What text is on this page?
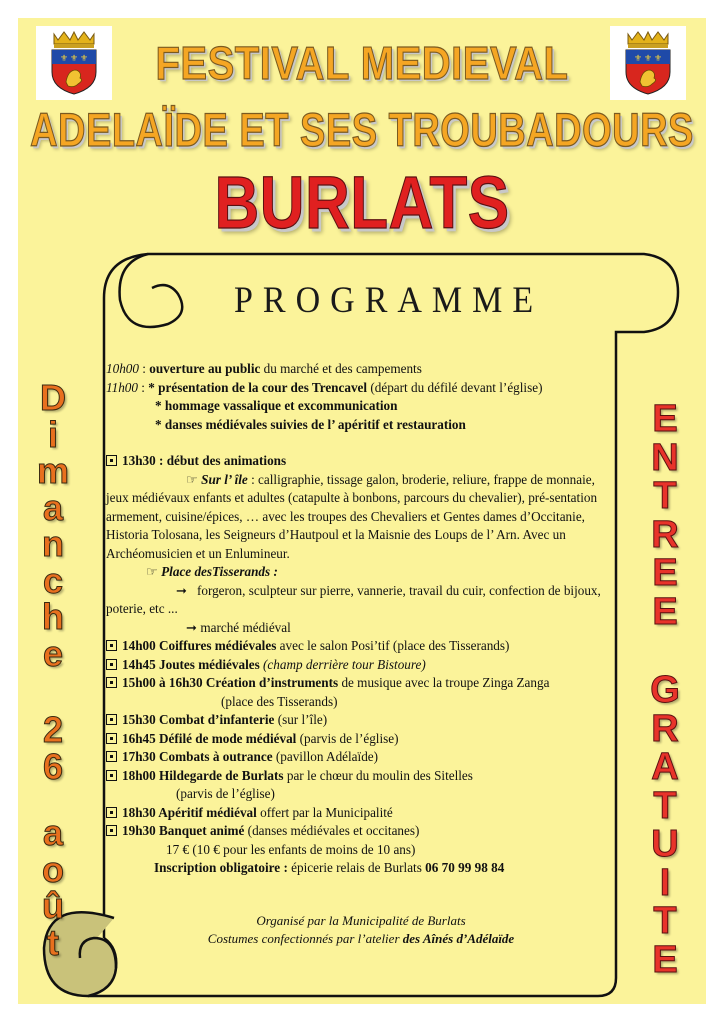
⚜ ⚜ ⚜	⚜ ⚜ ⚜
FESTIVAL MEDIEVAL
ADELAÏDE ET SES TROUBADOURS
BURLATS
PROGRAMME
D
i
m
a
n
c
h
e
2
6
a
o
û
t
E
N
T
R
E
E
G
R
A
T
U
I
T
E

10h00 : ouverture au public du marché et des campements

11h00 : * présentation de la cour des Trencavel (départ du défilé devant l’église)

* hommage vassalique et excommunication

* danses médiévales suivies de l’ apéritif et restauration

13h30 : début des animations

☞ Sur l’ île : calligraphie, tissage galon, broderie, reliure, frappe de monnaie, jeux médiévaux enfants et adultes (catapulte à bonbons, parcours du chevalier), pré-sentation armement, cuisine/épices, … avec les troupes des Chevaliers et Gentes dames d’Occitanie, Historia Tolosana, les Seigneurs d’Hautpoul et la Maisnie des Loups de l’ Arn. Avec un Archéomusicien et un Enlumineur.

☞ Place desTisserands :

➞   forgeron, sculpteur sur pierre, vannerie, travail du cuir, confection de bijoux, poterie, etc ...

➞ marché médiéval

14h00 Coiffures médiévales avec le salon Posi’tif (place des Tisserands)

14h45 Joutes médiévales (champ derrière tour Bistoure)

15h00 à 16h30 Création d’instruments de musique avec la troupe Zinga Zanga

(place des Tisserands)

15h30 Combat d’infanterie (sur l’île)

16h45 Défilé de mode médiéval (parvis de l’église)

17h30 Combats à outrance (pavillon Adélaïde)

18h00 Hildegarde de Burlats par le chœur du moulin des Sitelles

(parvis de l’église)

18h30 Apéritif médiéval offert par la Municipalité

19h30 Banquet animé (danses médiévales et occitanes)

17 € (10 € pour les enfants de moins de 10 ans)

Inscription obligatoire : épicerie relais de Burlats 06 70 99 98 84

Organisé par la Municipalité de Burlats
Costumes confectionnés par l’atelier des Aînés d’Adélaïde
